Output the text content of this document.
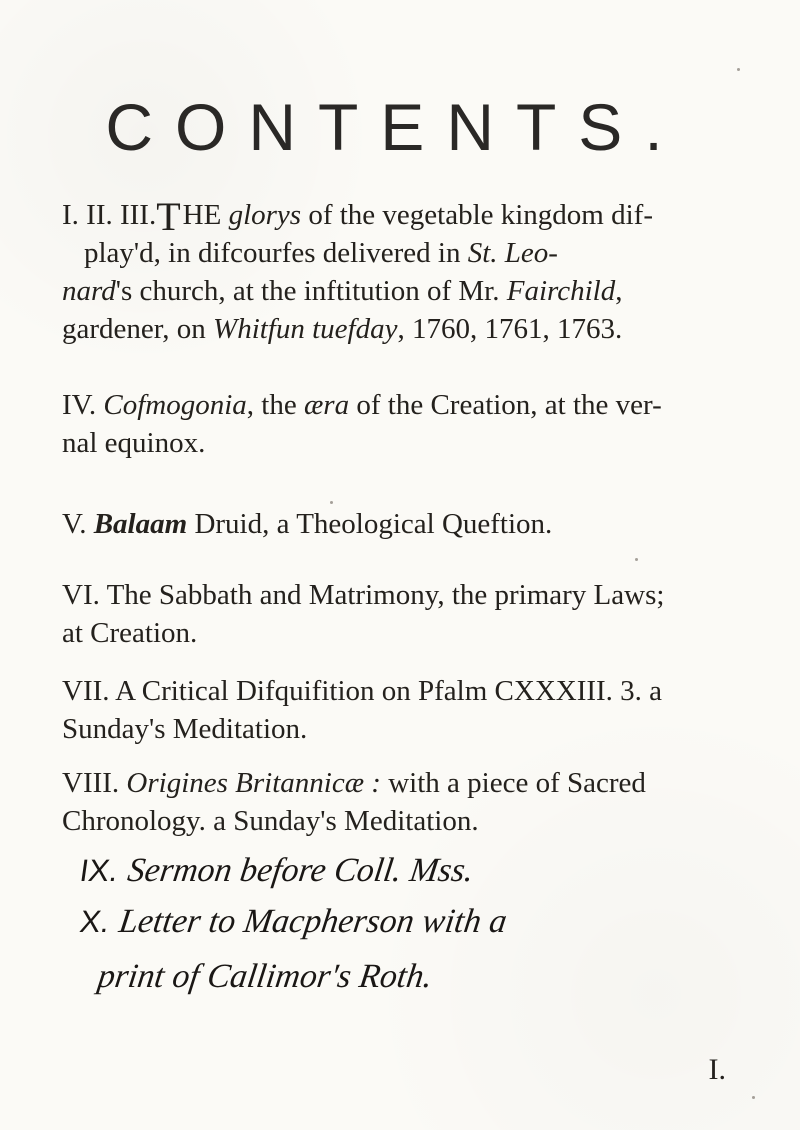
CONTENTS.
I. II. III.THE glorys of the vegetable kingdom dif-
play'd, in difcourfes delivered in St. Leo-
nard's church, at the inftitution of Mr. Fairchild,
gardener, on Whitfun tuefday, 1760, 1761, 1763.
IV. Cofmogonia, the æra of the Creation, at the ver-
nal equinox.
V. Balaam Druid, a Theological Queftion.
VI. The Sabbath and Matrimony, the primary Laws;
at Creation.
VII. A Critical Difquifition on Pfalm CXXXIII. 3. a
Sunday's Meditation.
VIII. Origines Britannicæ : with a piece of Sacred
Chronology. a Sunday's Meditation.
IX. Sermon before Coll. Mss.
X. Letter to Macpherson with a
print of Callimor's Roth.
I.
